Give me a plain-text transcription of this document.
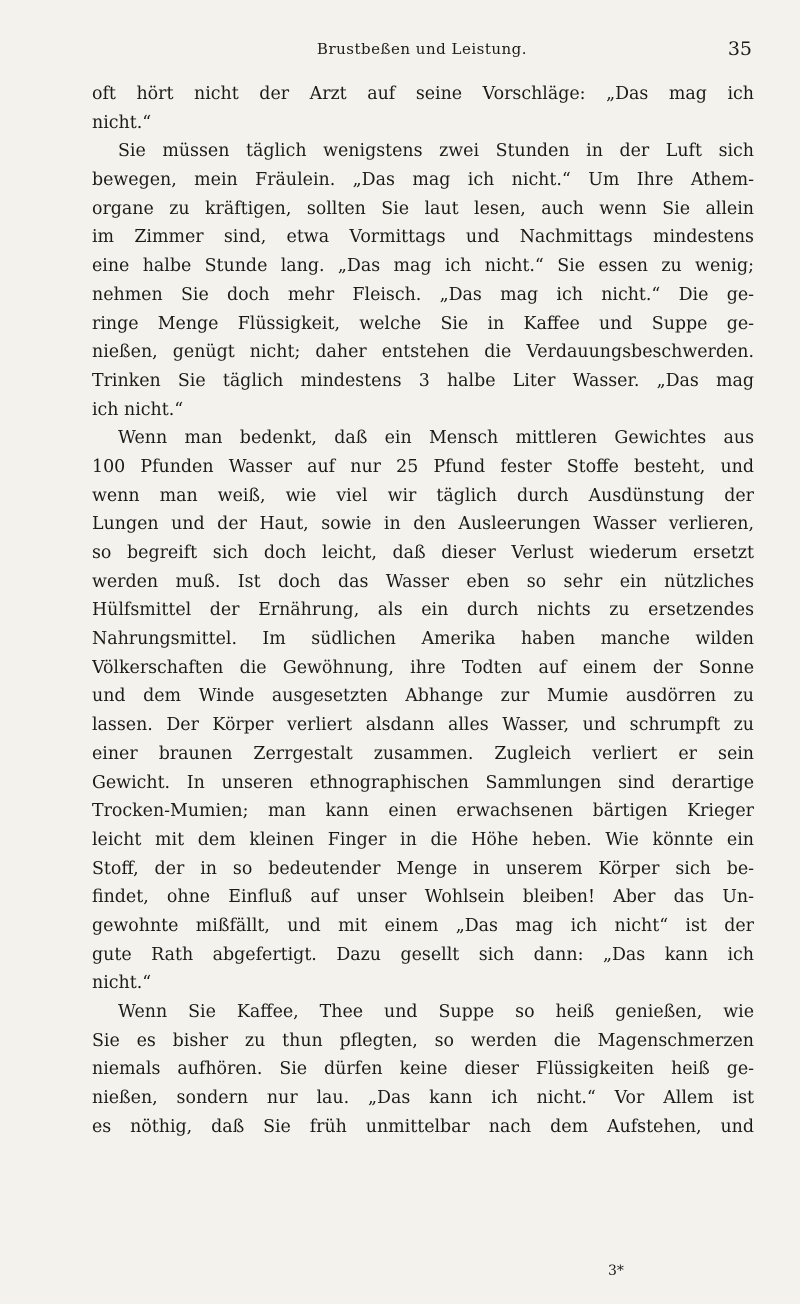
Brustbeßen und Leistung.	35
oft hört nicht der Arzt auf seine Vorschläge: „Das mag ich
nicht.“
Sie müssen täglich wenigstens zwei Stunden in der Luft sich
bewegen, mein Fräulein. „Das mag ich nicht.“ Um Ihre Athem-
organe zu kräftigen, sollten Sie laut lesen, auch wenn Sie allein
im Zimmer sind, etwa Vormittags und Nachmittags mindestens
eine halbe Stunde lang. „Das mag ich nicht.“ Sie essen zu wenig;
nehmen Sie doch mehr Fleisch. „Das mag ich nicht.“ Die ge-
ringe Menge Flüssigkeit, welche Sie in Kaffee und Suppe ge-
nießen, genügt nicht; daher entstehen die Verdauungsbeschwerden.
Trinken Sie täglich mindestens 3 halbe Liter Wasser. „Das mag
ich nicht.“
Wenn man bedenkt, daß ein Mensch mittleren Gewichtes aus
100 Pfunden Wasser auf nur 25 Pfund fester Stoffe besteht, und
wenn man weiß, wie viel wir täglich durch Ausdünstung der
Lungen und der Haut, sowie in den Ausleerungen Wasser verlieren,
so begreift sich doch leicht, daß dieser Verlust wiederum ersetzt
werden muß. Ist doch das Wasser eben so sehr ein nützliches
Hülfsmittel der Ernährung, als ein durch nichts zu ersetzendes
Nahrungsmittel. Im südlichen Amerika haben manche wilden
Völkerschaften die Gewöhnung, ihre Todten auf einem der Sonne
und dem Winde ausgesetzten Abhange zur Mumie ausdörren zu
lassen. Der Körper verliert alsdann alles Wasser, und schrumpft zu
einer braunen Zerrgestalt zusammen. Zugleich verliert er sein
Gewicht. In unseren ethnographischen Sammlungen sind derartige
Trocken-Mumien; man kann einen erwachsenen bärtigen Krieger
leicht mit dem kleinen Finger in die Höhe heben. Wie könnte ein
Stoff, der in so bedeutender Menge in unserem Körper sich be-
findet, ohne Einfluß auf unser Wohlsein bleiben! Aber das Un-
gewohnte mißfällt, und mit einem „Das mag ich nicht“ ist der
gute Rath abgefertigt. Dazu gesellt sich dann: „Das kann ich
nicht.“
Wenn Sie Kaffee, Thee und Suppe so heiß genießen, wie
Sie es bisher zu thun pflegten, so werden die Magenschmerzen
niemals aufhören. Sie dürfen keine dieser Flüssigkeiten heiß ge-
nießen, sondern nur lau. „Das kann ich nicht.“ Vor Allem ist
es nöthig, daß Sie früh unmittelbar nach dem Aufstehen, und
3*
